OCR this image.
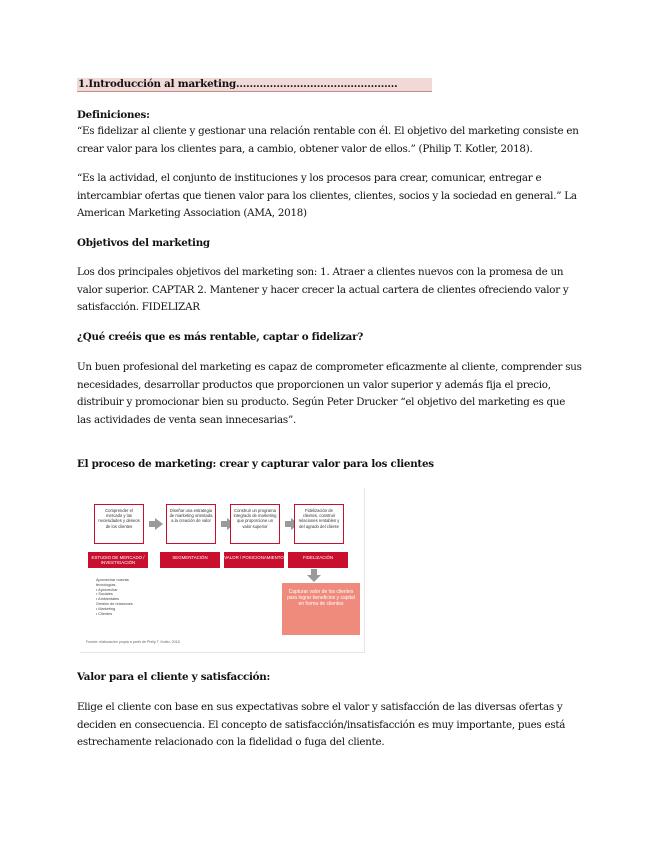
1.Introducción al marketing…………………………………………

Definiciones:

“Es fidelizar al cliente y gestionar una relación rentable con él. El objetivo del marketing consiste en crear valor para los clientes para, a cambio, obtener valor de ellos.” (Philip T. Kotler, 2018).

“Es la actividad, el conjunto de instituciones y los procesos para crear, comunicar, entregar e intercambiar ofertas que tienen valor para los clientes, clientes, socios y la sociedad en general.” La American Marketing Association (AMA, 2018)

Objetivos del marketing

Los dos principales objetivos del marketing son: 1. Atraer a clientes nuevos con la promesa de un valor superior. CAPTAR 2. Mantener y hacer crecer la actual cartera de clientes ofreciendo valor y satisfacción. FIDELIZAR

¿Qué creéis que es más rentable, captar o fidelizar?

Un buen profesional del marketing es capaz de comprometer eficazmente al cliente, comprender sus necesidades, desarrollar productos que proporcionen un valor superior y además fija el precio, distribuir y promocionar bien su producto. Según Peter Drucker “el objetivo del marketing es que las actividades de venta sean innecesarias”.

El proceso de marketing: crear y capturar valor para los clientes

Comprender el mercado y las necesidades y deseos de los clientes
Diseñar una estrategia de marketing orientada a la creación de valor
Construir un programa integrado de marketing que proporcione un valor superior
Fidelización de clientes, construir relaciones rentables y del agrado del cliente
ESTUDIO DE MERCADO / INVESTIGACIÓN
SEGMENTACIÓN	VALOR / POSICIONAMIENTO	FIDELIZACIÓN
Capturar valor de los clientes para lograr beneficios y capital en forma de clientes
Aprovechar nuevas
tecnologías
• Aprovechar
• Sociales
• Ambientales
Gestión de relaciones
• Marketing
• Clientes
Fuente: elaboración propia a partir de Philip T. Kotler, 2018

Valor para el cliente y satisfacción:

Elige el cliente con base en sus expectativas sobre el valor y satisfacción de las diversas ofertas y deciden en consecuencia. El concepto de satisfacción/insatisfacción es muy importante, pues está estrechamente relacionado con la fidelidad o fuga del cliente.
